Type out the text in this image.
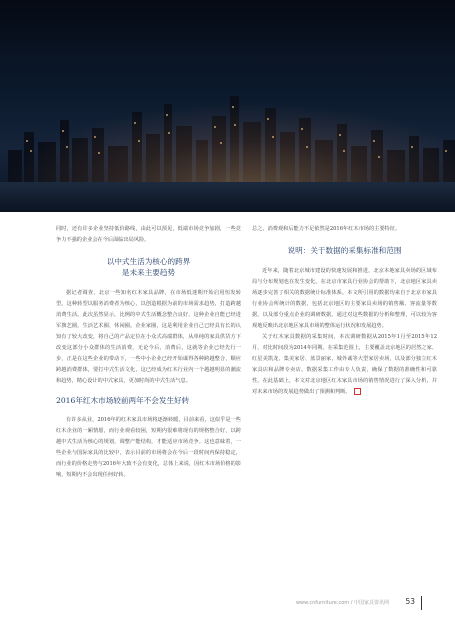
同时，还有许多企业坚持低价路线，由此可以预见，低端市场竞争加剧，一些竞争力不强的企业会在今后面临出局风险。

以中式生活为核心的跨界
是未来主要趋势

据记者调查，北京一些知名红木家具品牌，在市场低迷期开始启用恒发转型。这种转型以服务消费者为核心，以创造根据为前的市场需求趋势，打造跨越消费生活。此次虽然显示，比例的中式生活概念整合良好，这种企业自能已经进军旗艺圈，生活艺术圈、休闲圈。企业家圈，这是利用企业自己已经具有长的认知有了较大改变，将自己的产品定位在小众式高端群体，从单纯的家具供货方下改变这部分小众群体的生活消费，无论今后，消费后，这就等企业已经先行一步，正是在这些企业的带动下，一些中小企业已经开始谋得各种跨越整合，顺应跨越消费群体，要打中式生活文化，这已经成为红木行业内一个越越明显的潮流和趋势，精心设计的中式家具，更加时尚的中式生活气息。

2016年红木市场较前两年不会发生好转

有许多从业，2016年的红木家具市场将逐渐转暖，目前来看，这似乎是一些红木企业的一厢情愿，而行业观看较困，短期内很难将现有的规格整合好，以跨越中式生活为核心的规划，调整产能结构，才能适应市场竞争。这也意味着，一些企业与国际家具的比较中，表示目前的市场将会在今后一段时间内保持稳定，而行业的价格走势与2016年大致不会有变化，总体上来说，因红木市场价格的影响，短期内不会出现任何好转。

总之，消费观和后能力不足依然是2016年红木市场的主要特征。

说明：关于数据的采集标准和范围

近年来，随着北京城市建设的快速发展和推进，北京本地家具卖场的区域布局与分布规划也在发生变化。在北京市家具行业协会的帮助下，北京地区家具卖场逐步完善了相关的数据统计标准体系。本文所引用的数据均来自于北京市家具行业协会所统计的数据，包括北京地区的主要家具卖场的销售额、客流量等数据，以及部分重点企业的调研数据。通过对这些数据的分析和整理，可以较为客观地反映出北京地区家具市场的整体运行状况和发展趋势。

关于红木家具数据的采集时间，本次调研数据从2015年1月至2015年12月，对比时间段为2014年同期。在采集范围上，主要覆盖北京地区的居然之家、红星美凯龙、集美家居、蓝景丽家、城外诚等大型家居卖场，以及部分独立红木家具店和品牌专卖店。数据采集工作由专人负责，确保了数据的准确性和可靠性。在此基础上，本文对北京地区红木家具市场的销售情况进行了深入分析，并对未来市场的发展趋势做出了预测和判断。

www.cnfurniture.com / 中国家具资讯网 53
